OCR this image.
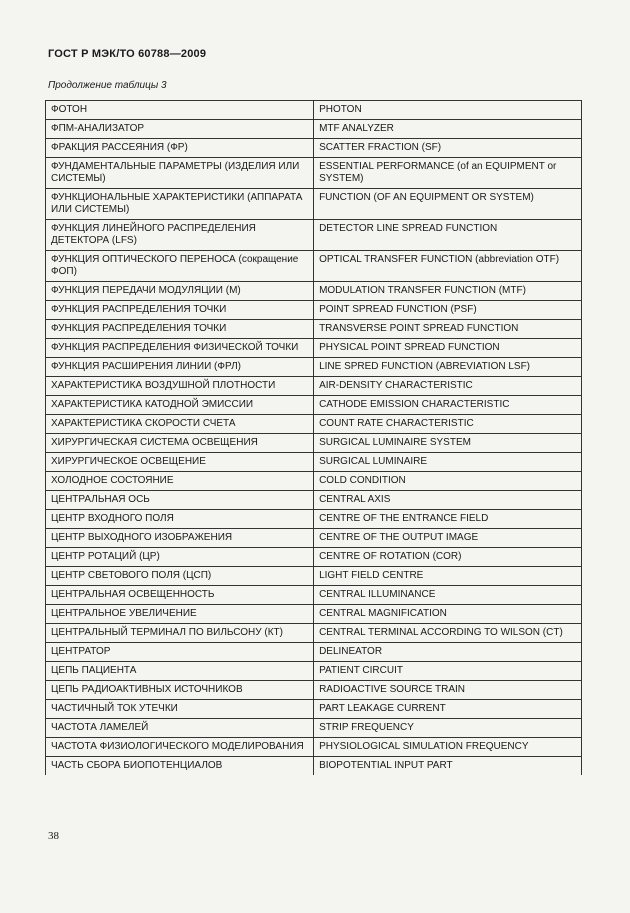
ГОСТ Р МЭК/ТО 60788—2009
Продолжение таблицы 3
ФОТОН	PHOTON
ФПМ-АНАЛИЗАТОР	MTF ANALYZER
ФРАКЦИЯ РАССЕЯНИЯ (ФР)	SCATTER FRACTION (SF)
ФУНДАМЕНТАЛЬНЫЕ ПАРАМЕТРЫ (ИЗДЕЛИЯ ИЛИ СИСТЕМЫ)	ESSENTIAL PERFORMANCE (of an EQUIPMENT or SYSTEM)
ФУНКЦИОНАЛЬНЫЕ ХАРАКТЕРИСТИКИ (АППАРАТА ИЛИ СИСТЕМЫ)	FUNCTION (OF AN EQUIPMENT OR SYSTEM)
ФУНКЦИЯ ЛИНЕЙНОГО РАСПРЕДЕЛЕНИЯ ДЕТЕКТОРА (LFS)	DETECTOR LINE SPREAD FUNCTION
ФУНКЦИЯ ОПТИЧЕСКОГО ПЕРЕНОСА (сокращение ФОП)	OPTICAL TRANSFER FUNCTION (abbreviation OTF)
ФУНКЦИЯ ПЕРЕДАЧИ МОДУЛЯЦИИ (М)	MODULATION TRANSFER FUNCTION (MTF)
ФУНКЦИЯ РАСПРЕДЕЛЕНИЯ ТОЧКИ	POINT SPREAD FUNCTION (PSF)
ФУНКЦИЯ РАСПРЕДЕЛЕНИЯ ТОЧКИ	TRANSVERSE POINT SPREAD FUNCTION
ФУНКЦИЯ РАСПРЕДЕЛЕНИЯ ФИЗИЧЕСКОЙ ТОЧКИ	PHYSICAL POINT SPREAD FUNCTION
ФУНКЦИЯ РАСШИРЕНИЯ ЛИНИИ (ФРЛ)	LINE SPRED FUNCTION (ABREVIATION LSF)
ХАРАКТЕРИСТИКА ВОЗДУШНОЙ ПЛОТНОСТИ	AIR-DENSITY CHARACTERISTIC
ХАРАКТЕРИСТИКА КАТОДНОЙ ЭМИССИИ	CATHODE EMISSION CHARACTERISTIC
ХАРАКТЕРИСТИКА СКОРОСТИ СЧЕТА	COUNT RATE CHARACTERISTIC
ХИРУРГИЧЕСКАЯ СИСТЕМА ОСВЕЩЕНИЯ	SURGICAL LUMINAIRE SYSTEM
ХИРУРГИЧЕСКОЕ ОСВЕЩЕНИЕ	SURGICAL LUMINAIRE
ХОЛОДНОЕ СОСТОЯНИЕ	COLD CONDITION
ЦЕНТРАЛЬНАЯ ОСЬ	CENTRAL AXIS
ЦЕНТР ВХОДНОГО ПОЛЯ	CENTRE OF THE ENTRANCE FIELD
ЦЕНТР ВЫХОДНОГО ИЗОБРАЖЕНИЯ	CENTRE OF THE OUTPUT IMAGE
ЦЕНТР РОТАЦИЙ (ЦР)	CENTRE OF ROTATION (COR)
ЦЕНТР СВЕТОВОГО ПОЛЯ (ЦСП)	LIGHT FIELD CENTRE
ЦЕНТРАЛЬНАЯ ОСВЕЩЕННОСТЬ	CENTRAL ILLUMINANCE
ЦЕНТРАЛЬНОЕ УВЕЛИЧЕНИЕ	CENTRAL MAGNIFICATION
ЦЕНТРАЛЬНЫЙ ТЕРМИНАЛ ПО ВИЛЬСОНУ (КТ)	CENTRAL TERMINAL ACCORDING TO WILSON (CT)
ЦЕНТРАТОР	DELINEATOR
ЦЕПЬ ПАЦИЕНТА	PATIENT CIRCUIT
ЦЕПЬ РАДИОАКТИВНЫХ ИСТОЧНИКОВ	RADIOACTIVE SOURCE TRAIN
ЧАСТИЧНЫЙ ТОК УТЕЧКИ	PART LEAKAGE CURRENT
ЧАСТОТА ЛАМЕЛЕЙ	STRIP FREQUENCY
ЧАСТОТА ФИЗИОЛОГИЧЕСКОГО МОДЕЛИРОВАНИЯ	PHYSIOLOGICAL SIMULATION FREQUENCY
ЧАСТЬ СБОРА БИОПОТЕНЦИАЛОВ	BIOPOTENTIAL INPUT PART
38
